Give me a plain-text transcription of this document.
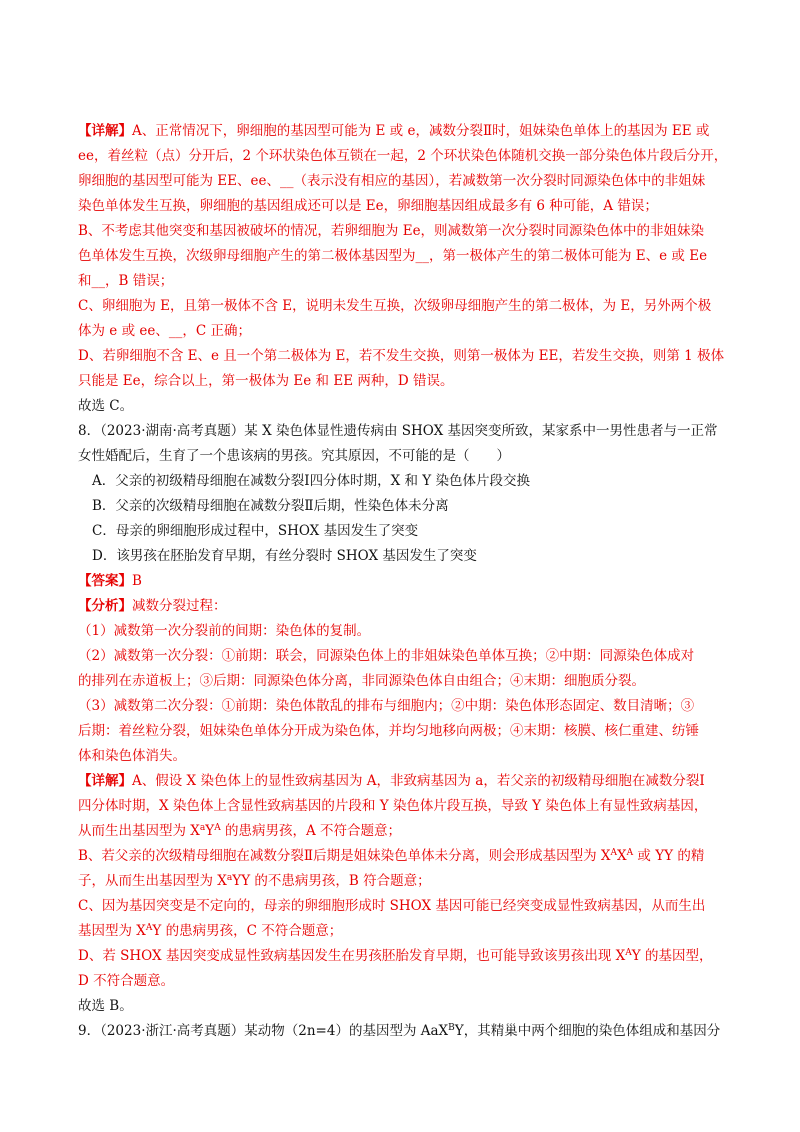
【详解】A、正常情况下，卵细胞的基因型可能为 E 或 e，减数分裂Ⅱ时，姐妹染色单体上的基因为 EE 或
ee，着丝粒（点）分开后，2 个环状染色体互锁在一起，2 个环状染色体随机交换一部分染色体片段后分开，
卵细胞的基因型可能为 EE、ee、__（表示没有相应的基因），若减数第一次分裂时同源染色体中的非姐妹
染色单体发生互换，卵细胞的基因组成还可以是 Ee，卵细胞基因组成最多有 6 种可能，A 错误；
B、不考虑其他突变和基因被破坏的情况，若卵细胞为 Ee，则减数第一次分裂时同源染色体中的非姐妹染
色单体发生互换，次级卵母细胞产生的第二极体基因型为__，第一极体产生的第二极体可能为 E、e 或 Ee
和__，B 错误；
C、卵细胞为 E，且第一极体不含 E，说明未发生互换，次级卵母细胞产生的第二极体，为 E，另外两个极
体为 e 或 ee、__，C 正确；
D、若卵细胞不含 E、e 且一个第二极体为 E，若不发生交换，则第一极体为 EE，若发生交换，则第 1 极体
只能是 Ee，综合以上，第一极体为 Ee 和 EE 两种，D 错误。
故选 C。
8．（2023·湖南·高考真题）某 X 染色体显性遗传病由 SHOX 基因突变所致，某家系中一男性患者与一正常
女性婚配后，生育了一个患该病的男孩。究其原因，不可能的是（　　）
A．父亲的初级精母细胞在减数分裂Ⅰ四分体时期，X 和 Y 染色体片段交换
B．父亲的次级精母细胞在减数分裂Ⅱ后期，性染色体未分离
C．母亲的卵细胞形成过程中，SHOX 基因发生了突变
D．该男孩在胚胎发育早期，有丝分裂时 SHOX 基因发生了突变
【答案】B
【分析】减数分裂过程：
（1）减数第一次分裂前的间期：染色体的复制。
（2）减数第一次分裂：①前期：联会，同源染色体上的非姐妹染色单体互换；②中期：同源染色体成对
的排列在赤道板上；③后期：同源染色体分离，非同源染色体自由组合；④末期：细胞质分裂。
（3）减数第二次分裂：①前期：染色体散乱的排布与细胞内；②中期：染色体形态固定、数目清晰；③
后期：着丝粒分裂，姐妹染色单体分开成为染色体，并均匀地移向两极；④末期：核膜、核仁重建、纺锤
体和染色体消失。
【详解】A、假设 X 染色体上的显性致病基因为 A，非致病基因为 a，若父亲的初级精母细胞在减数分裂Ⅰ
四分体时期，X 染色体上含显性致病基因的片段和 Y 染色体片段互换，导致 Y 染色体上有显性致病基因，
从而生出基因型为 $X^aY^A$ 的患病男孩，A 不符合题意；
B、若父亲的次级精母细胞在减数分裂Ⅱ后期是姐妹染色单体未分离，则会形成基因型为 $X^AX^A$ 或 YY 的精
子，从而生出基因型为 $X^aYY$ 的不患病男孩，B 符合题意；
C、因为基因突变是不定向的，母亲的卵细胞形成时 SHOX 基因可能已经突变成显性致病基因，从而生出
基因型为 $X^AY$ 的患病男孩，C 不符合题意；
D、若 SHOX 基因突变成显性致病基因发生在男孩胚胎发育早期，也可能导致该男孩出现 $X^AY$ 的基因型，
D 不符合题意。
故选 B。
9．（2023·浙江·高考真题）某动物（2n=4）的基因型为 AaX$^B$Y，其精巢中两个细胞的染色体组成和基因分
